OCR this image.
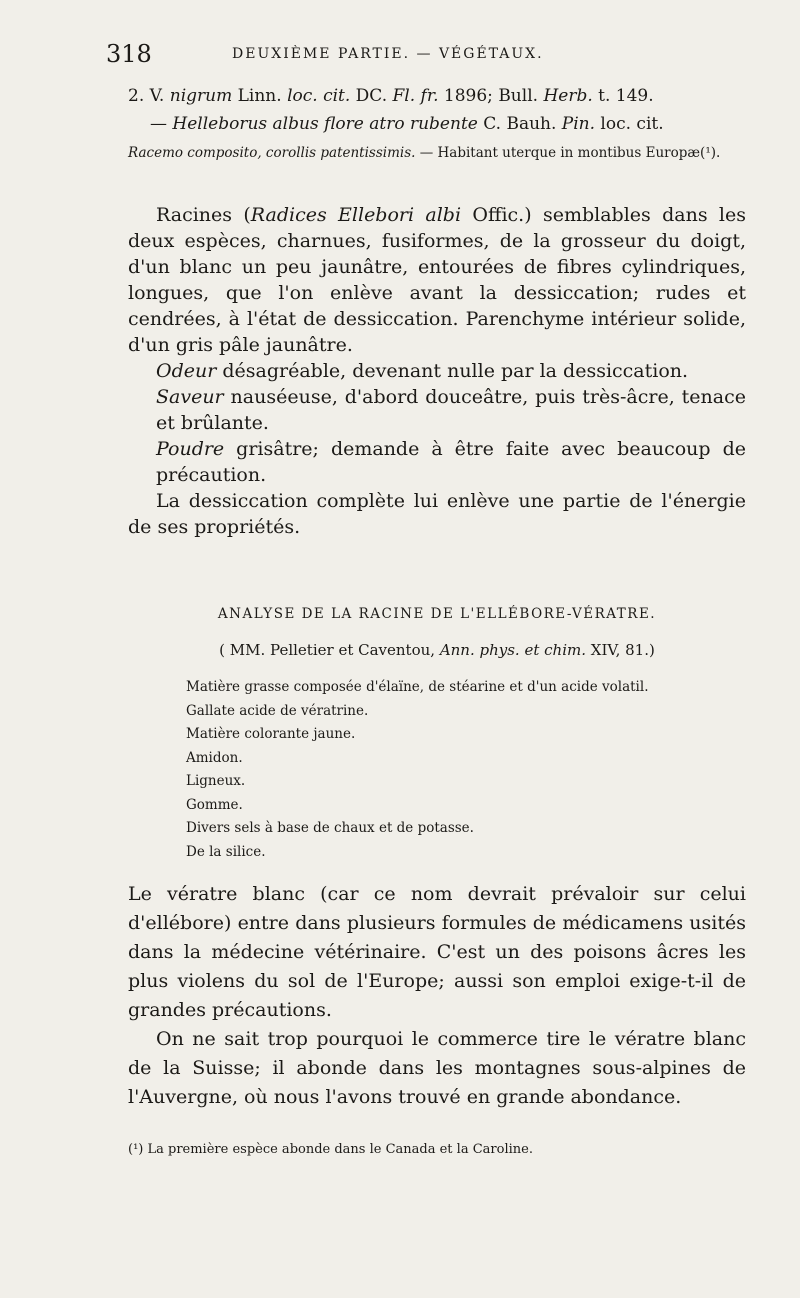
318	DEUXIÈME PARTIE. — VÉGÉTAUX.

2. V. nigrum Linn. loc. cit. DC. Fl. fr. 1896; Bull. Herb. t. 149.

— Helleborus albus flore atro rubente C. Bauh. Pin. loc. cit.

Racemo composito, corollis patentissimis. — Habitant uterque in montibus Europæ(¹).

Racines (Radices Ellebori albi Offic.) semblables dans les deux espèces, charnues, fusiformes, de la grosseur du doigt, d'un blanc un peu jaunâtre, entourées de fibres cylindriques, longues, que l'on enlève avant la dessiccation; rudes et cendrées, à l'état de dessiccation. Parenchyme intérieur solide, d'un gris pâle jaunâtre.

Odeur désagréable, devenant nulle par la dessiccation.

Saveur nauséeuse, d'abord douceâtre, puis très-âcre, tenace et brûlante.

Poudre grisâtre; demande à être faite avec beaucoup de précaution.

La dessiccation complète lui enlève une partie de l'énergie de ses propriétés.

ANALYSE DE LA RACINE DE L'ELLÉBORE-VÉRATRE.
( MM. Pelletier et Caventou, Ann. phys. et chim. XIV, 81.)
Matière grasse composée d'élaïne, de stéarine et d'un acide volatil.
Gallate acide de vératrine.
Matière colorante jaune.
Amidon.
Ligneux.
Gomme.
Divers sels à base de chaux et de potasse.
De la silice.

Le vératre blanc (car ce nom devrait prévaloir sur celui d'ellébore) entre dans plusieurs formules de médicamens usités dans la médecine vétérinaire. C'est un des poisons âcres les plus violens du sol de l'Europe; aussi son emploi exige-t-il de grandes précautions.

On ne sait trop pourquoi le commerce tire le vératre blanc de la Suisse; il abonde dans les montagnes sous-alpines de l'Auvergne, où nous l'avons trouvé en grande abondance.

(¹) La première espèce abonde dans le Canada et la Caroline.
